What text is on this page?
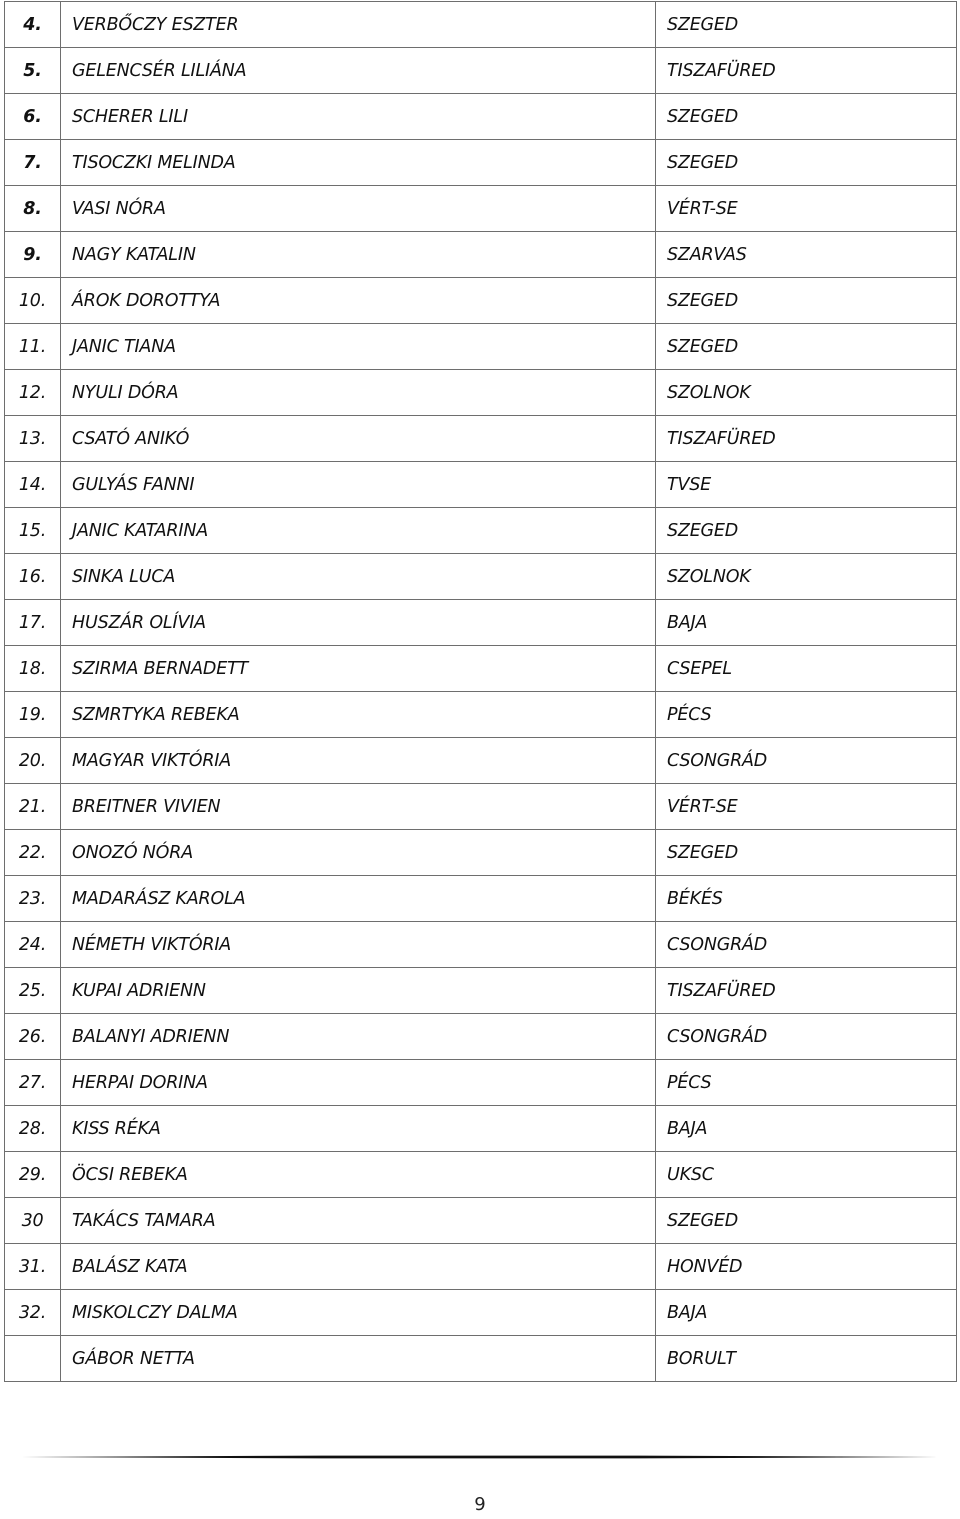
4.	VERBŐCZY ESZTER	SZEGED
5.	GELENCSÉR LILIÁNA	TISZAFÜRED
6.	SCHERER LILI	SZEGED
7.	TISOCZKI MELINDA	SZEGED
8.	VASI NÓRA	VÉRT-SE
9.	NAGY KATALIN	SZARVAS
10.	ÁROK DOROTTYA	SZEGED
11.	JANIC TIANA	SZEGED
12.	NYULI DÓRA	SZOLNOK
13.	CSATÓ ANIKÓ	TISZAFÜRED
14.	GULYÁS FANNI	TVSE
15.	JANIC KATARINA	SZEGED
16.	SINKA LUCA	SZOLNOK
17.	HUSZÁR OLÍVIA	BAJA
18.	SZIRMA BERNADETT	CSEPEL
19.	SZMRTYKA REBEKA	PÉCS
20.	MAGYAR VIKTÓRIA	CSONGRÁD
21.	BREITNER VIVIEN	VÉRT-SE
22.	ONOZÓ NÓRA	SZEGED
23.	MADARÁSZ KAROLA	BÉKÉS
24.	NÉMETH VIKTÓRIA	CSONGRÁD
25.	KUPAI ADRIENN	TISZAFÜRED
26.	BALANYI ADRIENN	CSONGRÁD
27.	HERPAI DORINA	PÉCS
28.	KISS RÉKA	BAJA
29.	ÖCSI REBEKA	UKSC
30	TAKÁCS TAMARA	SZEGED
31.	BALÁSZ KATA	HONVÉD
32.	MISKOLCZY DALMA	BAJA
	GÁBOR NETTA	BORULT
9
